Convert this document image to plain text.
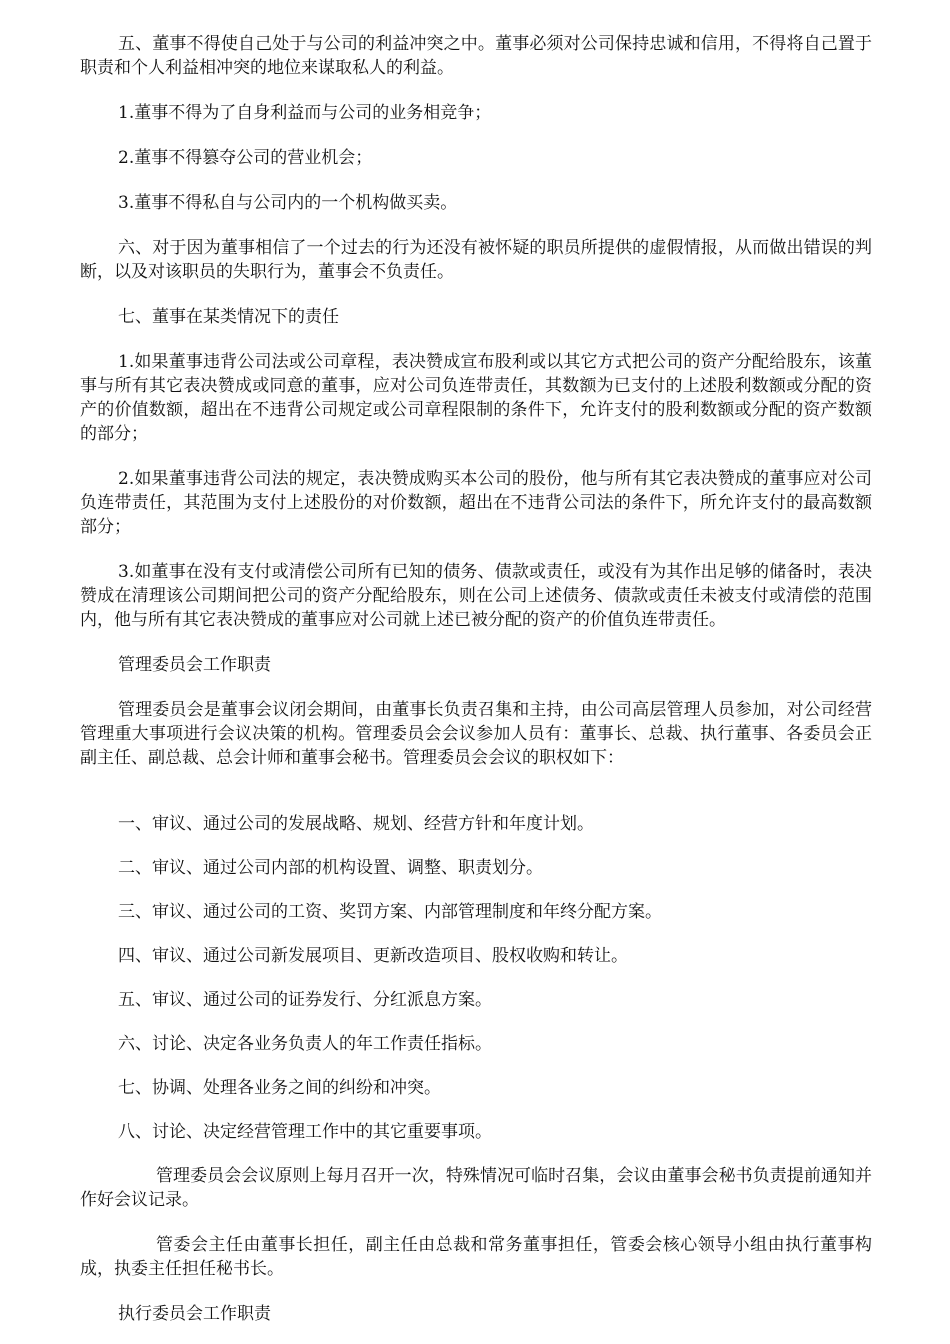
五、董事不得使自己处于与公司的利益冲突之中。董事必须对公司保持忠诚和信用，不得将自己置于职责和个人利益相冲突的地位来谋取私人的利益。

1.董事不得为了自身利益而与公司的业务相竞争；

2.董事不得篡夺公司的营业机会；

3.董事不得私自与公司内的一个机构做买卖。

六、对于因为董事相信了一个过去的行为还没有被怀疑的职员所提供的虚假情报，从而做出错误的判断，以及对该职员的失职行为，董事会不负责任。

七、董事在某类情况下的责任

1.如果董事违背公司法或公司章程，表决赞成宣布股利或以其它方式把公司的资产分配给股东，该董事与所有其它表决赞成或同意的董事，应对公司负连带责任，其数额为已支付的上述股利数额或分配的资产的价值数额，超出在不违背公司规定或公司章程限制的条件下，允许支付的股利数额或分配的资产数额的部分；

2.如果董事违背公司法的规定，表决赞成购买本公司的股份，他与所有其它表决赞成的董事应对公司负连带责任，其范围为支付上述股份的对价数额，超出在不违背公司法的条件下，所允许支付的最高数额部分；

3.如董事在没有支付或清偿公司所有已知的债务、债款或责任，或没有为其作出足够的储备时，表决赞成在清理该公司期间把公司的资产分配给股东，则在公司上述债务、债款或责任未被支付或清偿的范围内，他与所有其它表决赞成的董事应对公司就上述已被分配的资产的价值负连带责任。

管理委员会工作职责

管理委员会是董事会议闭会期间，由董事长负责召集和主持，由公司高层管理人员参加，对公司经营管理重大事项进行会议决策的机构。管理委员会会议参加人员有：董事长、总裁、执行董事、各委员会正副主任、副总裁、总会计师和董事会秘书。管理委员会会议的职权如下：

一、审议、通过公司的发展战略、规划、经营方针和年度计划。

二、审议、通过公司内部的机构设置、调整、职责划分。

三、审议、通过公司的工资、奖罚方案、内部管理制度和年终分配方案。

四、审议、通过公司新发展项目、更新改造项目、股权收购和转让。

五、审议、通过公司的证券发行、分红派息方案。

六、讨论、决定各业务负责人的年工作责任指标。

七、协调、处理各业务之间的纠纷和冲突。

八、讨论、决定经营管理工作中的其它重要事项。

管理委员会会议原则上每月召开一次，特殊情况可临时召集，会议由董事会秘书负责提前通知并作好会议记录。

管委会主任由董事长担任，副主任由总裁和常务董事担任，管委会核心领导小组由执行董事构成，执委主任担任秘书长。

执行委员会工作职责
